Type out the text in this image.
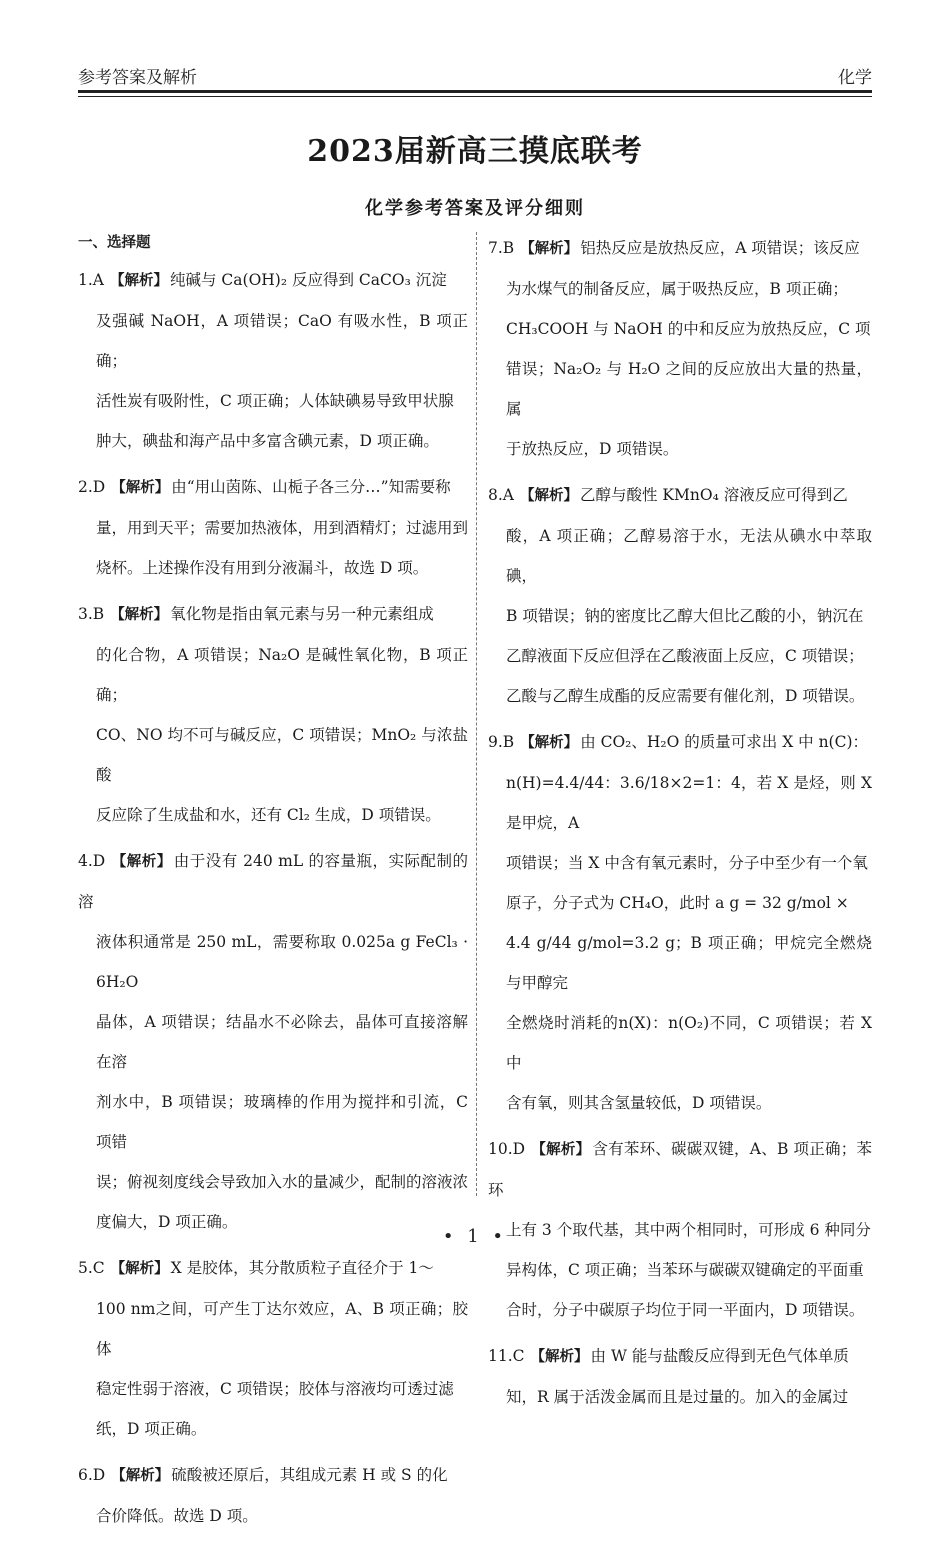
参考答案及解析	化学
2023届新高三摸底联考
化学参考答案及评分细则
一、选择题
1.A 【解析】 纯碱与 Ca(OH)₂ 反应得到 CaCO₃ 沉淀
及强碱 NaOH，A 项错误；CaO 有吸水性，B 项正确；
活性炭有吸附性，C 项正确；人体缺碘易导致甲状腺
肿大，碘盐和海产品中多富含碘元素，D 项正确。
2.D 【解析】 由“用山茵陈、山栀子各三分…”知需要称
量，用到天平；需要加热液体，用到酒精灯；过滤用到
烧杯。上述操作没有用到分液漏斗，故选 D 项。
3.B 【解析】 氧化物是指由氧元素与另一种元素组成
的化合物，A 项错误；Na₂O 是碱性氧化物，B 项正确；
CO、NO 均不可与碱反应，C 项错误；MnO₂ 与浓盐酸
反应除了生成盐和水，还有 Cl₂ 生成，D 项错误。
4.D 【解析】 由于没有 240 mL 的容量瓶，实际配制的溶
液体积通常是 250 mL，需要称取 0.025a g FeCl₃ · 6H₂O
晶体，A 项错误；结晶水不必除去，晶体可直接溶解在溶
剂水中，B 项错误；玻璃棒的作用为搅拌和引流，C 项错
误；俯视刻度线会导致加入水的量减少，配制的溶液浓
度偏大，D 项正确。
5.C 【解析】 X 是胶体，其分散质粒子直径介于 1～
100 nm之间，可产生丁达尔效应，A、B 项正确；胶体
稳定性弱于溶液，C 项错误；胶体与溶液均可透过滤
纸，D 项正确。
6.D 【解析】 硫酸被还原后，其组成元素 H 或 S 的化
合价降低。故选 D 项。
7.B 【解析】 铝热反应是放热反应，A 项错误；该反应
为水煤气的制备反应，属于吸热反应，B 项正确；
CH₃COOH 与 NaOH 的中和反应为放热反应，C 项
错误；Na₂O₂ 与 H₂O 之间的反应放出大量的热量，属
于放热反应，D 项错误。
8.A 【解析】 乙醇与酸性 KMnO₄ 溶液反应可得到乙
酸，A 项正确；乙醇易溶于水，无法从碘水中萃取碘，
B 项错误；钠的密度比乙醇大但比乙酸的小，钠沉在
乙醇液面下反应但浮在乙酸液面上反应，C 项错误；
乙酸与乙醇生成酯的反应需要有催化剂，D 项错误。
9.B 【解析】 由 CO₂、H₂O 的质量可求出 X 中 n(C)：
n(H)=4.4/44：3.6/18×2=1：4，若 X 是烃，则 X 是甲烷，A
项错误；当 X 中含有氧元素时，分子中至少有一个氧
原子，分子式为 CH₄O，此时 a g = 32 g/mol ×
4.4 g/44 g/mol=3.2 g；B 项正确；甲烷完全燃烧与甲醇完
全燃烧时消耗的n(X)：n(O₂)不同，C 项错误；若 X 中
含有氧，则其含氢量较低，D 项错误。
10.D 【解析】 含有苯环、碳碳双键，A、B 项正确；苯环
上有 3 个取代基，其中两个相同时，可形成 6 种同分
异构体，C 项正确；当苯环与碳碳双键确定的平面重
合时，分子中碳原子均位于同一平面内，D 项错误。
11.C 【解析】 由 W 能与盐酸反应得到无色气体单质
知，R 属于活泼金属而且是过量的。加入的金属过
• 1 •
